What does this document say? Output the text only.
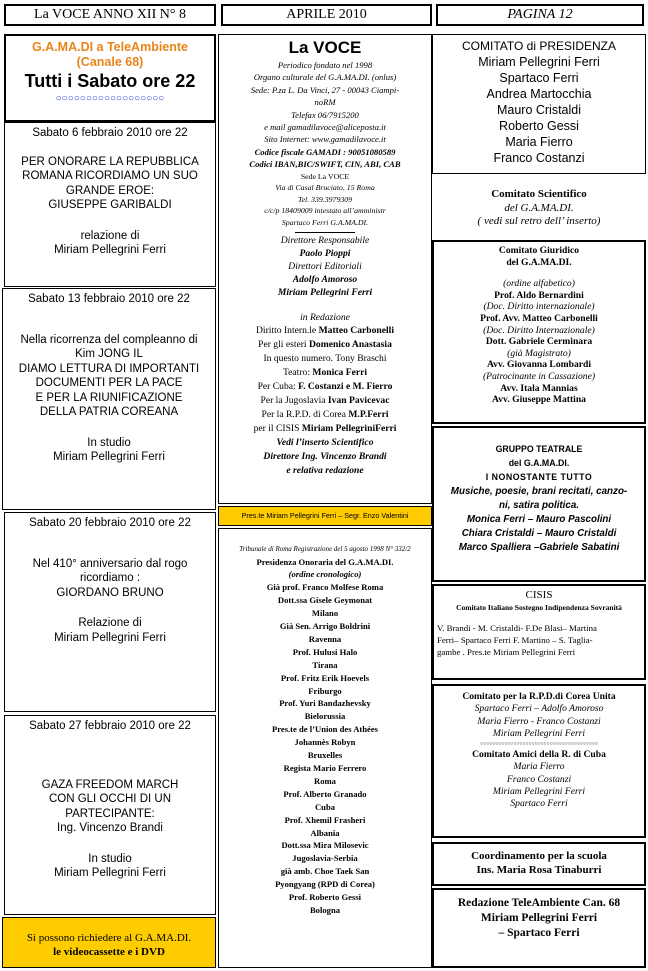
La VOCE ANNO XII N° 8	APRILE 2010	PAGINA 12
G.A.MA.DI a TeleAmbiente
(Canale 68)
Tutti i Sabato ore 22
○○○○○○○○○○○○○○○○○○
Sabato 6 febbraio 2010 ore 22
PER ONORARE LA REPUBBLICA
ROMANA RICORDIAMO UN SUO
GRANDE EROE:
GIUSEPPE GARIBALDI
relazione di
Miriam Pellegrini Ferri
Sabato 13 febbraio 2010 ore 22
Nella ricorrenza del compleanno di
Kim JONG IL
DIAMO LETTURA DI IMPORTANTI
DOCUMENTI PER LA PACE
E PER LA RIUNIFICAZIONE
DELLA PATRIA COREANA
In studio
Miriam Pellegrini Ferri
Sabato 20 febbraio 2010 ore 22
Nel 410° anniversario dal rogo
ricordiamo :
GIORDANO BRUNO
Relazione di
Miriam Pellegrini Ferri
Sabato 27 febbraio 2010 ore 22
GAZA FREEDOM MARCH
CON GLI OCCHI DI UN
PARTECIPANTE:
Ing. Vincenzo Brandi
In studio
Miriam Pellegrini Ferri
Si possono richiedere al G.A.MA.DI.
le videocassette e i DVD
La VOCE
Periodico fondato nel 1998
Organo culturale del G.A.MA.DI. (onlus)
Sede: P.za L. Da Vinci, 27 - 00043 Ciampi-
noRM
Telefax 06/7915200
e mail gamadilavoce@aliceposta.it
Sito Internet: www.gamadilavoce.it
Codice fiscale GAMADI : 90051080589
Codici IBAN,BIC/SWIFT, CIN, ABI, CAB
Sede La VOCE
Via di Casal Bruciato, 15 Roma
Tel. 339.3979309
c/c/p 18409009 intestato all’amministr
Spartaco Ferri G.A.MA.DI.
Direttore Responsabile
Paolo Pioppi
Direttori Editoriali
Adolfo Amoroso
Miriam Pellegrini Ferri
in Redazione
Diritto Intern.le Matteo Carbonelli
Per gli esteri Domenico Anastasia
In questo numero. Tony Braschi
Teatro: Monica Ferri
Per Cuba: F. Costanzi e M. Fierro
Per la Jugoslavia Ivan Pavicevac
Per la R.P.D. di Corea M.P.Ferri
per il CISIS Miriam PellegriniFerri
Vedi l’inserto Scientifico
Direttore Ing. Vincenzo Brandi
e relativa redazione
Pres.te Miriam Pellegrini Ferri – Segr. Enzo Valentini
Tribunale di Roma Registrazione del 5 agosto 1998 N° 332/2
Presidenza Onoraria del G.A.MA.DI.
(ordine cronologico)
Già prof. Franco Molfese Roma
Dott.ssa Gisele Geymonat
Milano
Già Sen. Arrigo Boldrini
Ravenna
Prof. Hulusi Halo
Tirana
Prof. Fritz Erik Hoevels
Friburgo
Prof. Yuri Bandazhevsky
Bielorussia
Pres.te de l’Union des Athées
Johannès Robyn
Bruxelles
Regista Mario Ferrero
Roma
Prof. Alberto Granado
Cuba
Prof. Xhemil Frasheri
Albania
Dott.ssa Mira Milosevic
Jugoslavia-Serbia
già amb. Choe Taek San
Pyongyang (RPD di Corea)
Prof. Roberto Gessi
Bologna
COMITATO di PRESIDENZA
Miriam Pellegrini Ferri
Spartaco Ferri
Andrea Martocchia
Mauro Cristaldi
Roberto Gessi
Maria Fierro
Franco Costanzi
Comitato Scientifico
del G.A.MA.DI.
( vedi sul retro dell’ inserto)
Comitato Giuridico
del G.A.MA.DI.
(ordine alfabetico)
Prof. Aldo Bernardini
(Doc. Diritto internazionale)
Prof. Avv. Matteo Carbonelli
(Doc. Diritto Internazionale)
Dott. Gabriele Cerminara
(già Magistrato)
Avv. Giovanna Lombardi
(Patrocinante in Cassazione)
Avv. Itala Mannias
Avv. Giuseppe Mattina
GRUPPO TEATRALE
del G.A.MA.DI.
I NONOSTANTE TUTTO
Musiche, poesie, brani recitati, canzo-
ni, satira politica.
Monica Ferri – Mauro Pascolini
Chiara Cristaldi – Mauro Cristaldi
Marco Spalliera –Gabriele Sabatini
CISIS
Comitato Italiano Sostegno Indipendenza Sovranità
V. Brandi - M. Cristaldi- F.De Blasi– Martina
Ferri– Spartaco Ferri F. Martino – S. Taglia-
gambe . Pres.te Miriam Pellegrini Ferri
Comitato per la R.P.D.di Corea Unita
Spartaco Ferri – Adolfo Amoroso
Maria Fierro - Franco Costanzi
Miriam Pellegrini Ferri
○○○○○○○○○○○○○○○○○○○○○○○○○○○○○○○○○○○○○○○
Comitato Amici della R. di Cuba
Maria Fierro
Franco Costanzi
Miriam Pellegrini Ferri
Spartaco Ferri
Coordinamento per la scuola
Ins. Maria Rosa Tinaburri
Redazione TeleAmbiente Can. 68
Miriam Pellegrini Ferri
– Spartaco Ferri
